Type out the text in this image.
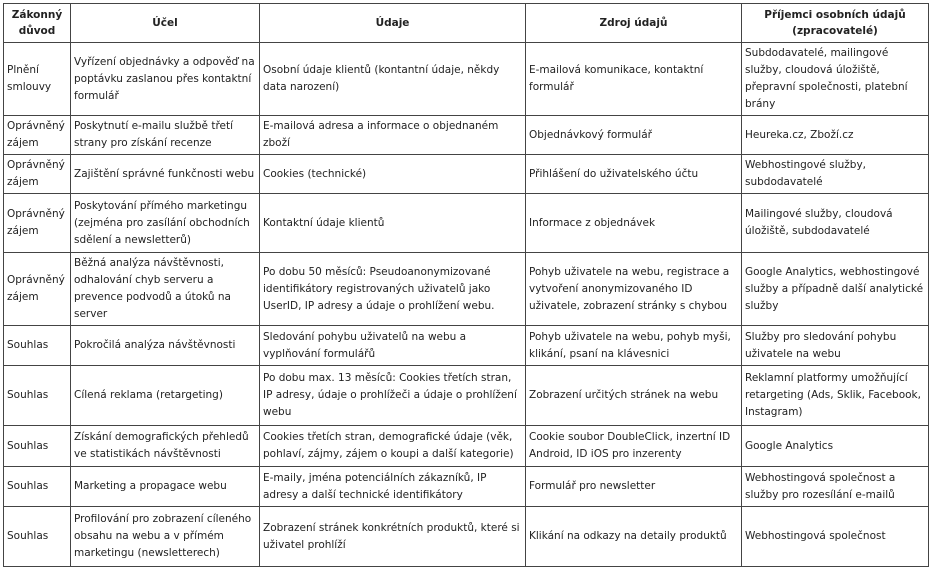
Zákonný důvod	Účel	Údaje	Zdroj údajů	Příjemci osobních údajů (zpracovatelé)
Plnění smlouvy	Vyřízení objednávky a odpověď na poptávku zaslanou přes kontaktní formulář	Osobní údaje klientů (kontantní údaje, někdy data narození)	E-mailová komunikace, kontaktní formulář	Subdodavatelé, mailingové služby, cloudová úložiště, přepravní společnosti, platební brány
Oprávněný zájem	Poskytnutí e-mailu službě třetí strany pro získání recenze	E-mailová adresa a informace o objednaném zboží	Objednávkový formulář	Heureka.cz, Zboží.cz
Oprávněný zájem	Zajištění správné funkčnosti webu	Cookies (technické)	Přihlášení do uživatelského účtu	Webhostingové služby, subdodavatelé
Oprávněný zájem	Poskytování přímého marketingu (zejména pro zasílání obchodních sdělení a newsletterů)	Kontaktní údaje klientů	Informace z objednávek	Mailingové služby, cloudová úložiště, subdodavatelé
Oprávněný zájem	Běžná analýza návštěvnosti, odhalování chyb serveru a prevence podvodů a útoků na server	Po dobu 50 měsíců: Pseudoanonymizované identifikátory registrovaných uživatelů jako UserID, IP adresy a údaje o prohlížení webu.	Pohyb uživatele na webu, registrace a vytvoření anonymizovaného ID uživatele, zobrazení stránky s chybou	Google Analytics, webhostingové služby a případně další analytické služby
Souhlas	Pokročilá analýza návštěvnosti	Sledování pohybu uživatelů na webu a vyplňování formulářů	Pohyb uživatele na webu, pohyb myši, klikání, psaní na klávesnici	Služby pro sledování pohybu uživatele na webu
Souhlas	Cílená reklama (retargeting)	Po dobu max. 13 měsíců: Cookies třetích stran, IP adresy, údaje o prohlížeči a údaje o prohlížení webu	Zobrazení určitých stránek na webu	Reklamní platformy umožňující retargeting (Ads, Sklik, Facebook, Instagram)
Souhlas	Získání demografických přehledů ve statistikách návštěvnosti	Cookies třetích stran, demografické údaje (věk, pohlaví, zájmy, zájem o koupi a další kategorie)	Cookie soubor DoubleClick, inzertní ID Android, ID iOS pro inzerenty	Google Analytics
Souhlas	Marketing a propagace webu	E-maily, jména potenciálních zákazníků, IP adresy a další technické identifikátory	Formulář pro newsletter	Webhostingová společnost a služby pro rozesílání e-mailů
Souhlas	Profilování pro zobrazení cíleného obsahu na webu a v přímém marketingu (newsletterech)	Zobrazení stránek konkrétních produktů, které si uživatel prohlíží	Klikání na odkazy na detaily produktů	Webhostingová společnost
